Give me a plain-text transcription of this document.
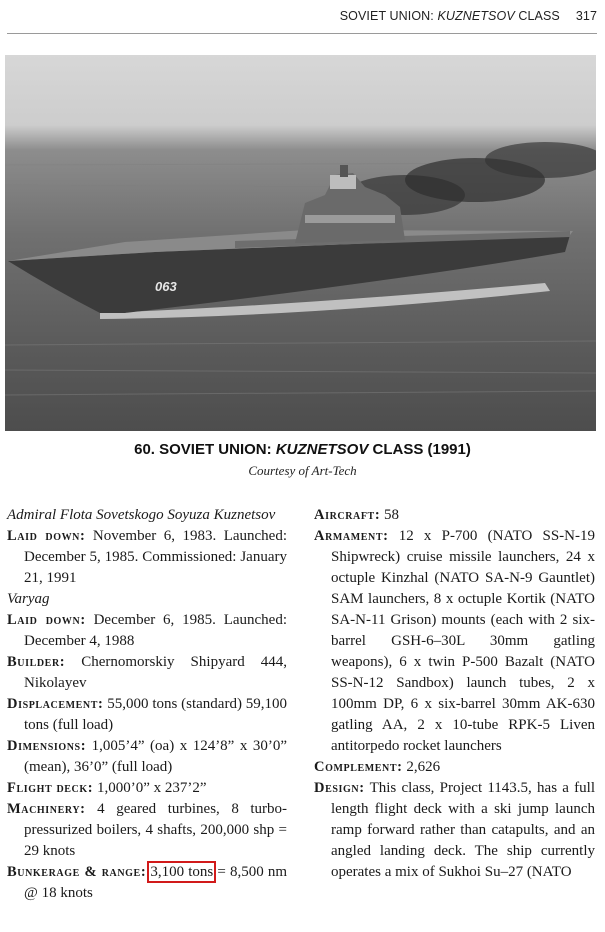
SOVIET UNION: KUZNETSOV CLASS 317
063
60. SOVIET UNION: KUZNETSOV CLASS (1991)
Courtesy of Art-Tech

Admiral Flota Sovetskogo Soyuza Kuznetsov

Laid down: November 6, 1983. Launched: December 5, 1985. Commissioned: January 21, 1991

Varyag

Laid down: December 6, 1985. Launched: December 4, 1988

Builder: Chernomorskiy Shipyard 444, Nikolayev

Displacement: 55,000 tons (standard) 59,100 tons (full load)

Dimensions: 1,005’4” (oa) x 124’8” x 30’0” (mean), 36’0” (full load)

Flight deck: 1,000’0” x 237’2”

Machinery: 4 geared turbines, 8 turbo-pressurized boilers, 4 shafts, 200,000 shp = 29 knots

Bunkerage & range: 3,100 tons = 8,500 nm @ 18 knots

Aircraft: 58

Armament: 12 x P-700 (NATO SS-N-19 Shipwreck) cruise missile launchers, 24 x octuple Kinzhal (NATO SA-N-9 Gauntlet) SAM launchers, 8 x octuple Kortik (NATO SA-N-11 Grison) mounts (each with 2 six-barrel GSH-6–30L 30mm gatling weapons), 6 x twin P-500 Bazalt (NATO SS-N-12 Sandbox) launch tubes, 2 x 100mm DP, 6 x six-barrel 30mm AK-630 gatling AA, 2 x 10-tube RPK-5 Liven antitorpedo rocket launchers

Complement: 2,626

Design: This class, Project 1143.5, has a full length flight deck with a ski jump launch ramp forward rather than catapults, and an angled landing deck. The ship currently operates a mix of Sukhoi Su–27 (NATO
